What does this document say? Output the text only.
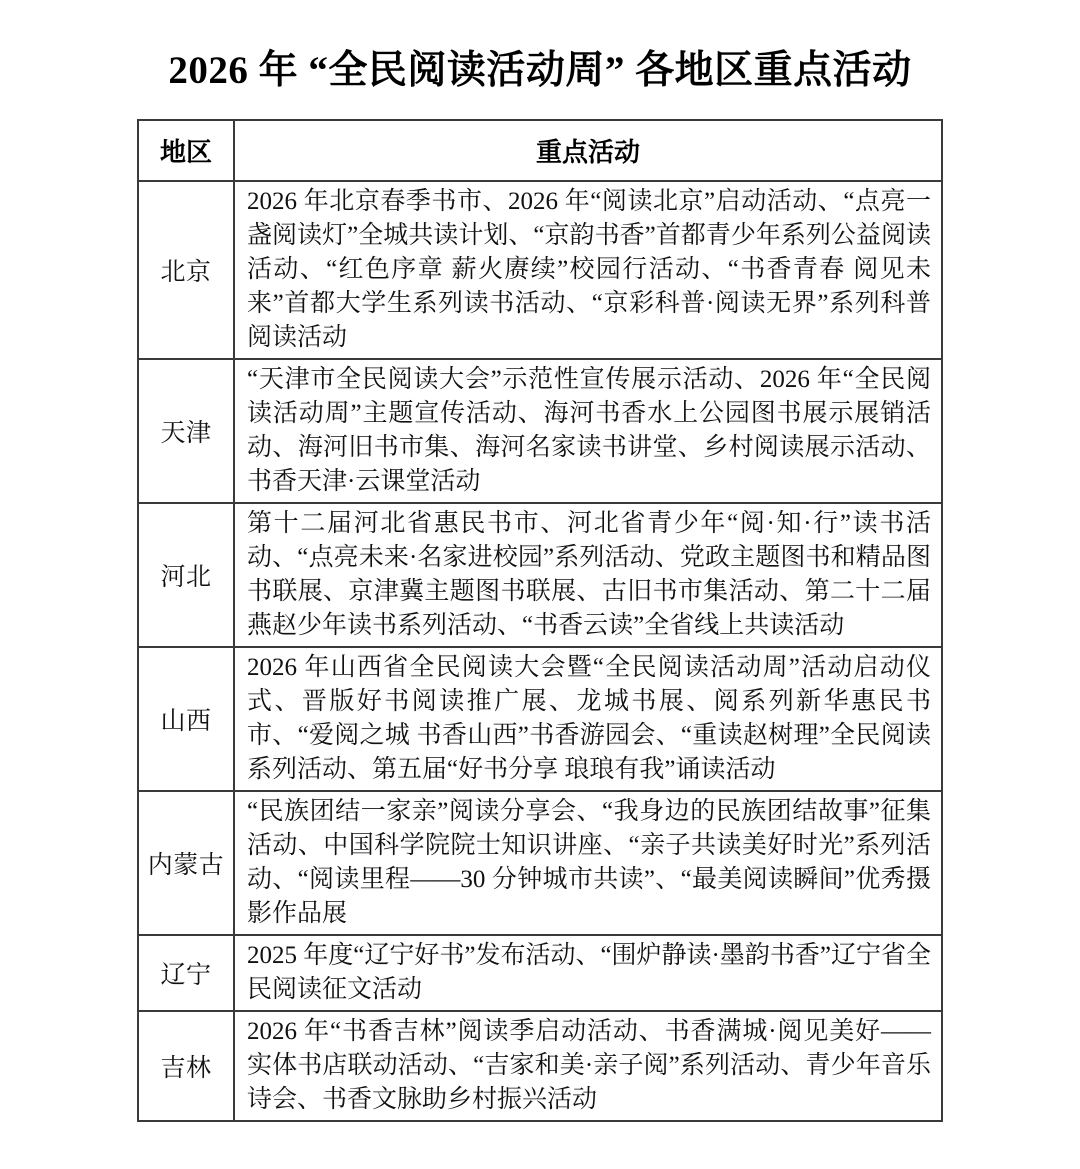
2026 年 “全民阅读活动周” 各地区重点活动
地区	重点活动
北京	2026 年北京春季书市、2026 年“阅读北京”启动活动、“点亮一盏阅读灯”全城共读计划、“京韵书香”首都青少年系列公益阅读活动、“红色序章 薪火赓续”校园行活动、“书香青春 阅见未来”首都大学生系列读书活动、“京彩科普·阅读无界”系列科普阅读活动
天津	“天津市全民阅读大会”示范性宣传展示活动、2026 年“全民阅读活动周”主题宣传活动、海河书香水上公园图书展示展销活动、海河旧书市集、海河名家读书讲堂、乡村阅读展示活动、书香天津·云课堂活动
河北	第十二届河北省惠民书市、河北省青少年“阅·知·行”读书活动、“点亮未来·名家进校园”系列活动、党政主题图书和精品图书联展、京津冀主题图书联展、古旧书市集活动、第二十二届燕赵少年读书系列活动、“书香云读”全省线上共读活动
山西	2026 年山西省全民阅读大会暨“全民阅读活动周”活动启动仪式、晋版好书阅读推广展、龙城书展、阅系列新华惠民书市、“爱阅之城 书香山西”书香游园会、“重读赵树理”全民阅读系列活动、第五届“好书分享 琅琅有我”诵读活动
内蒙古	“民族团结一家亲”阅读分享会、“我身边的民族团结故事”征集活动、中国科学院院士知识讲座、“亲子共读美好时光”系列活动、“阅读里程——30 分钟城市共读”、“最美阅读瞬间”优秀摄影作品展
辽宁	2025 年度“辽宁好书”发布活动、“围炉静读·墨韵书香”辽宁省全民阅读征文活动
吉林	2026 年“书香吉林”阅读季启动活动、书香满城·阅见美好——实体书店联动活动、“吉家和美·亲子阅”系列活动、青少年音乐诗会、书香文脉助乡村振兴活动
